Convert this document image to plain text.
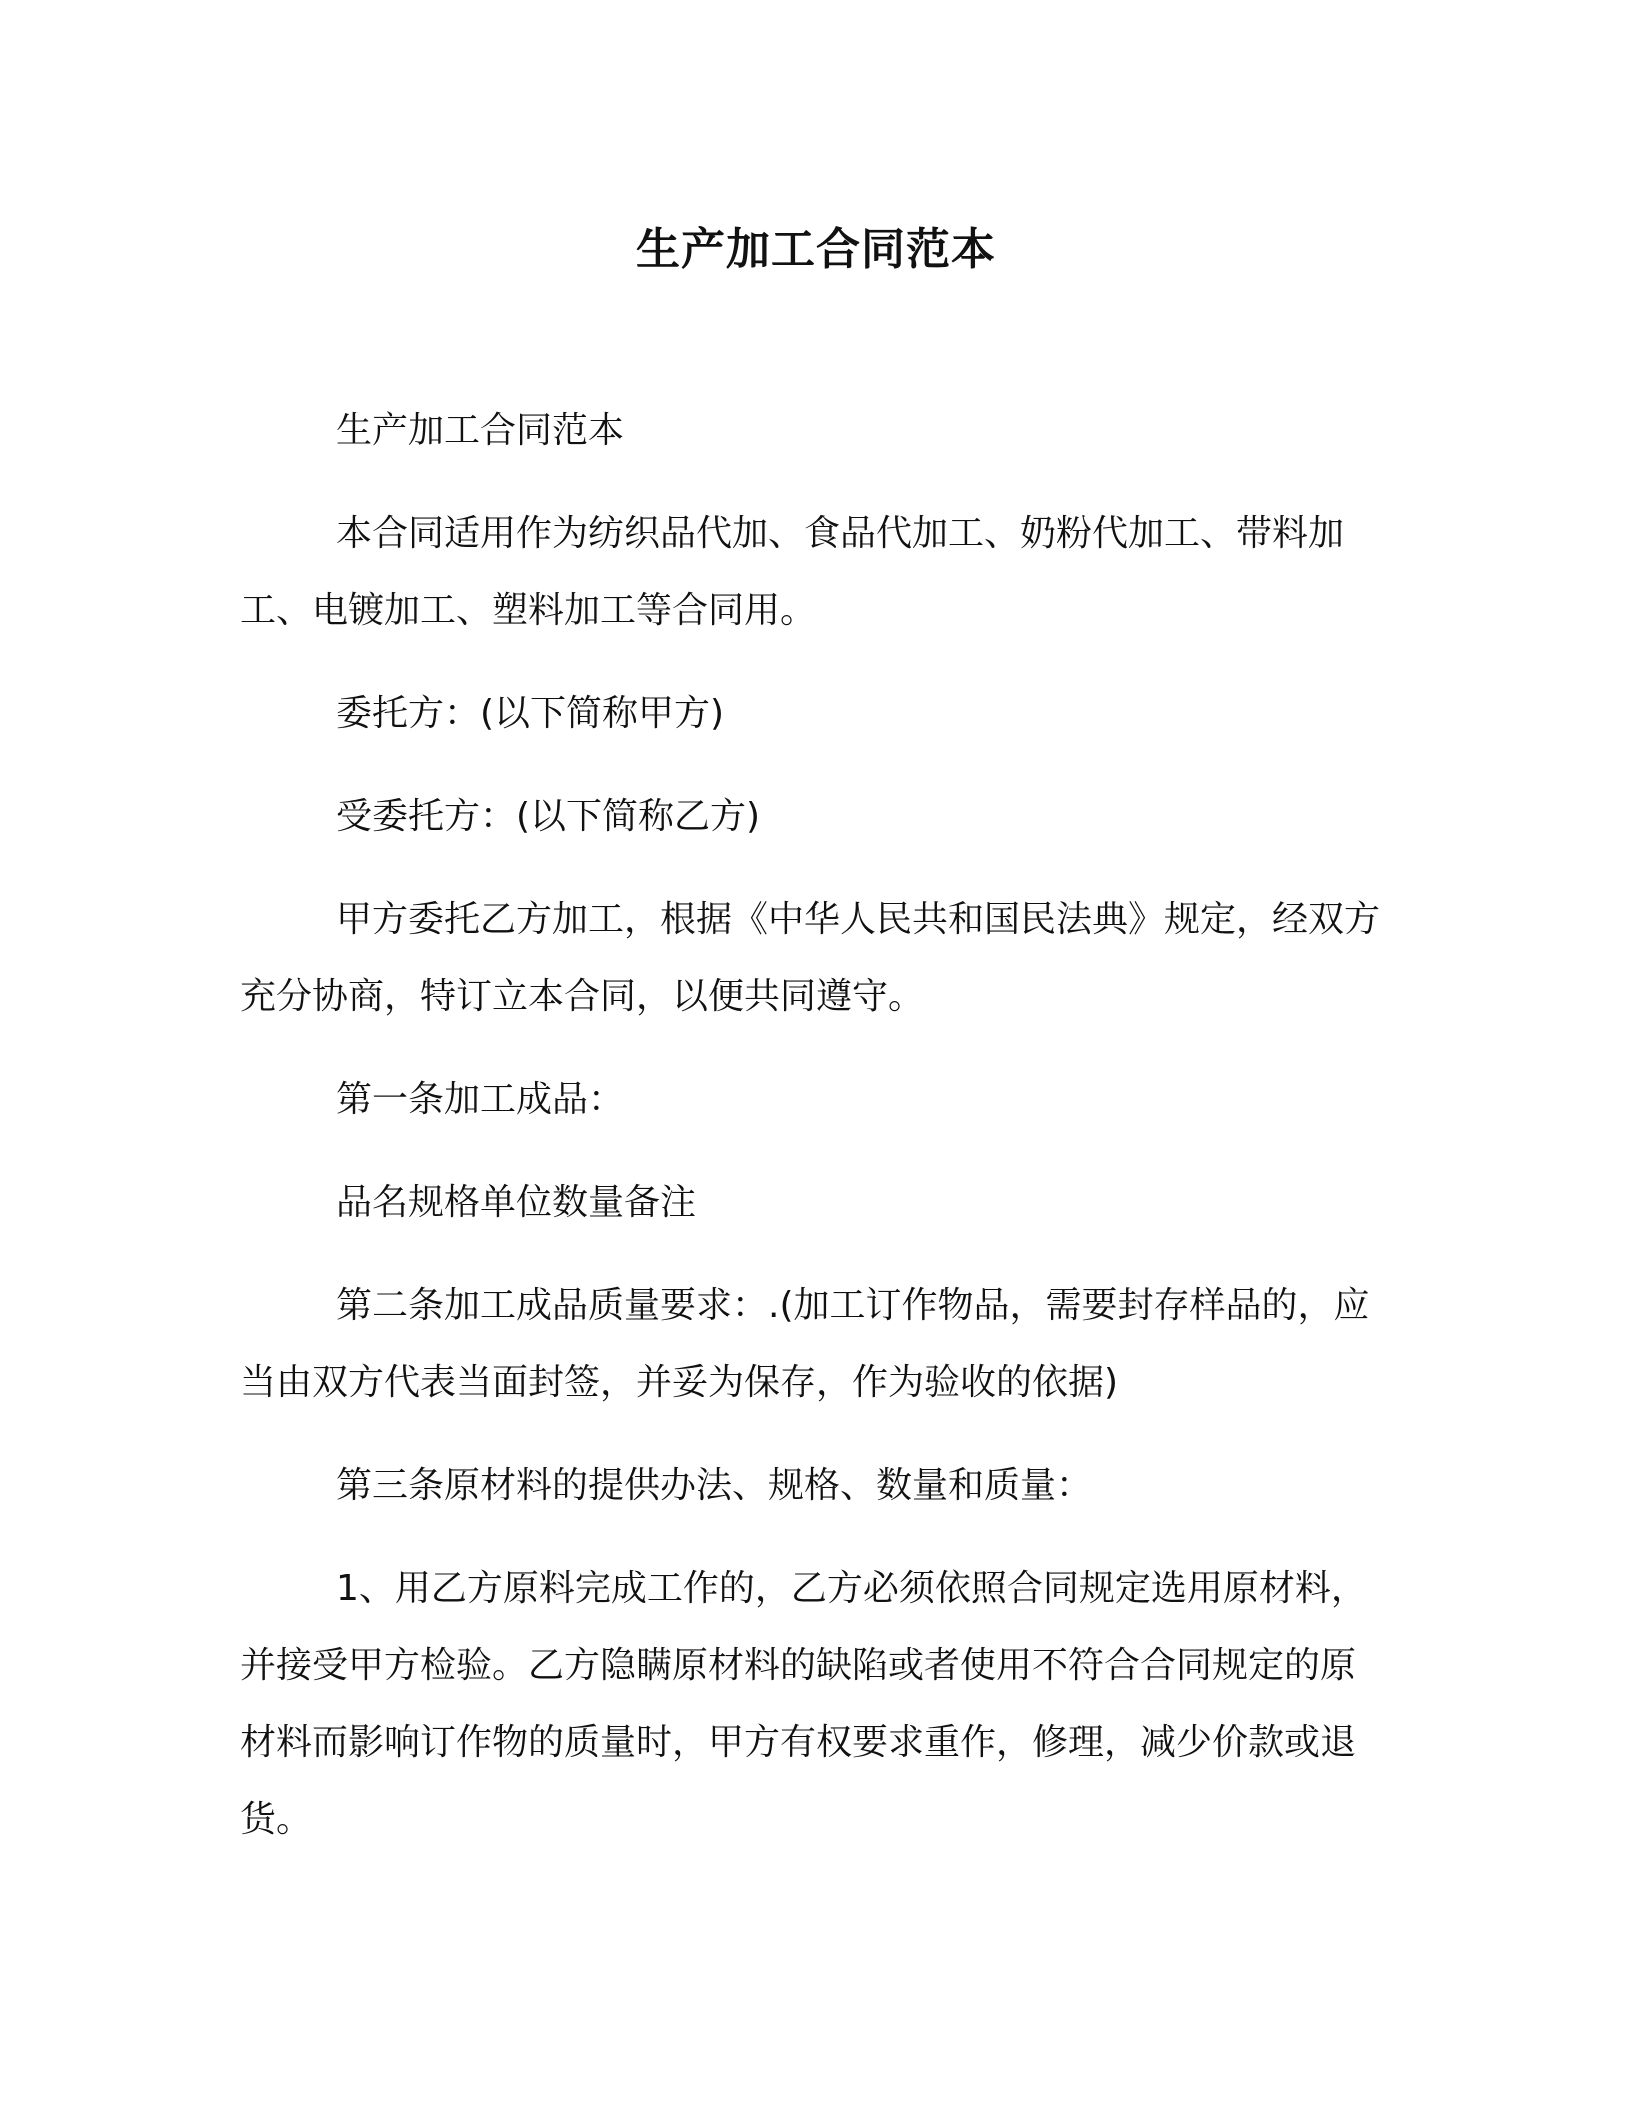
生产加工合同范本

生产加工合同范本

本合同适用作为纺织品代加、食品代加工、奶粉代加工、带料加工、电镀加工、塑料加工等合同用。

委托方：(以下简称甲方)

受委托方：(以下简称乙方)

甲方委托乙方加工，根据《中华人民共和国民法典》规定，经双方充分协商，特订立本合同，以便共同遵守。

第一条加工成品：

品名规格单位数量备注

第二条加工成品质量要求：.(加工订作物品，需要封存样品的，应当由双方代表当面封签，并妥为保存，作为验收的依据)

第三条原材料的提供办法、规格、数量和质量：

1、用乙方原料完成工作的，乙方必须依照合同规定选用原材料，并接受甲方检验。乙方隐瞒原材料的缺陷或者使用不符合合同规定的原材料而影响订作物的质量时，甲方有权要求重作，修理，减少价款或退货。
